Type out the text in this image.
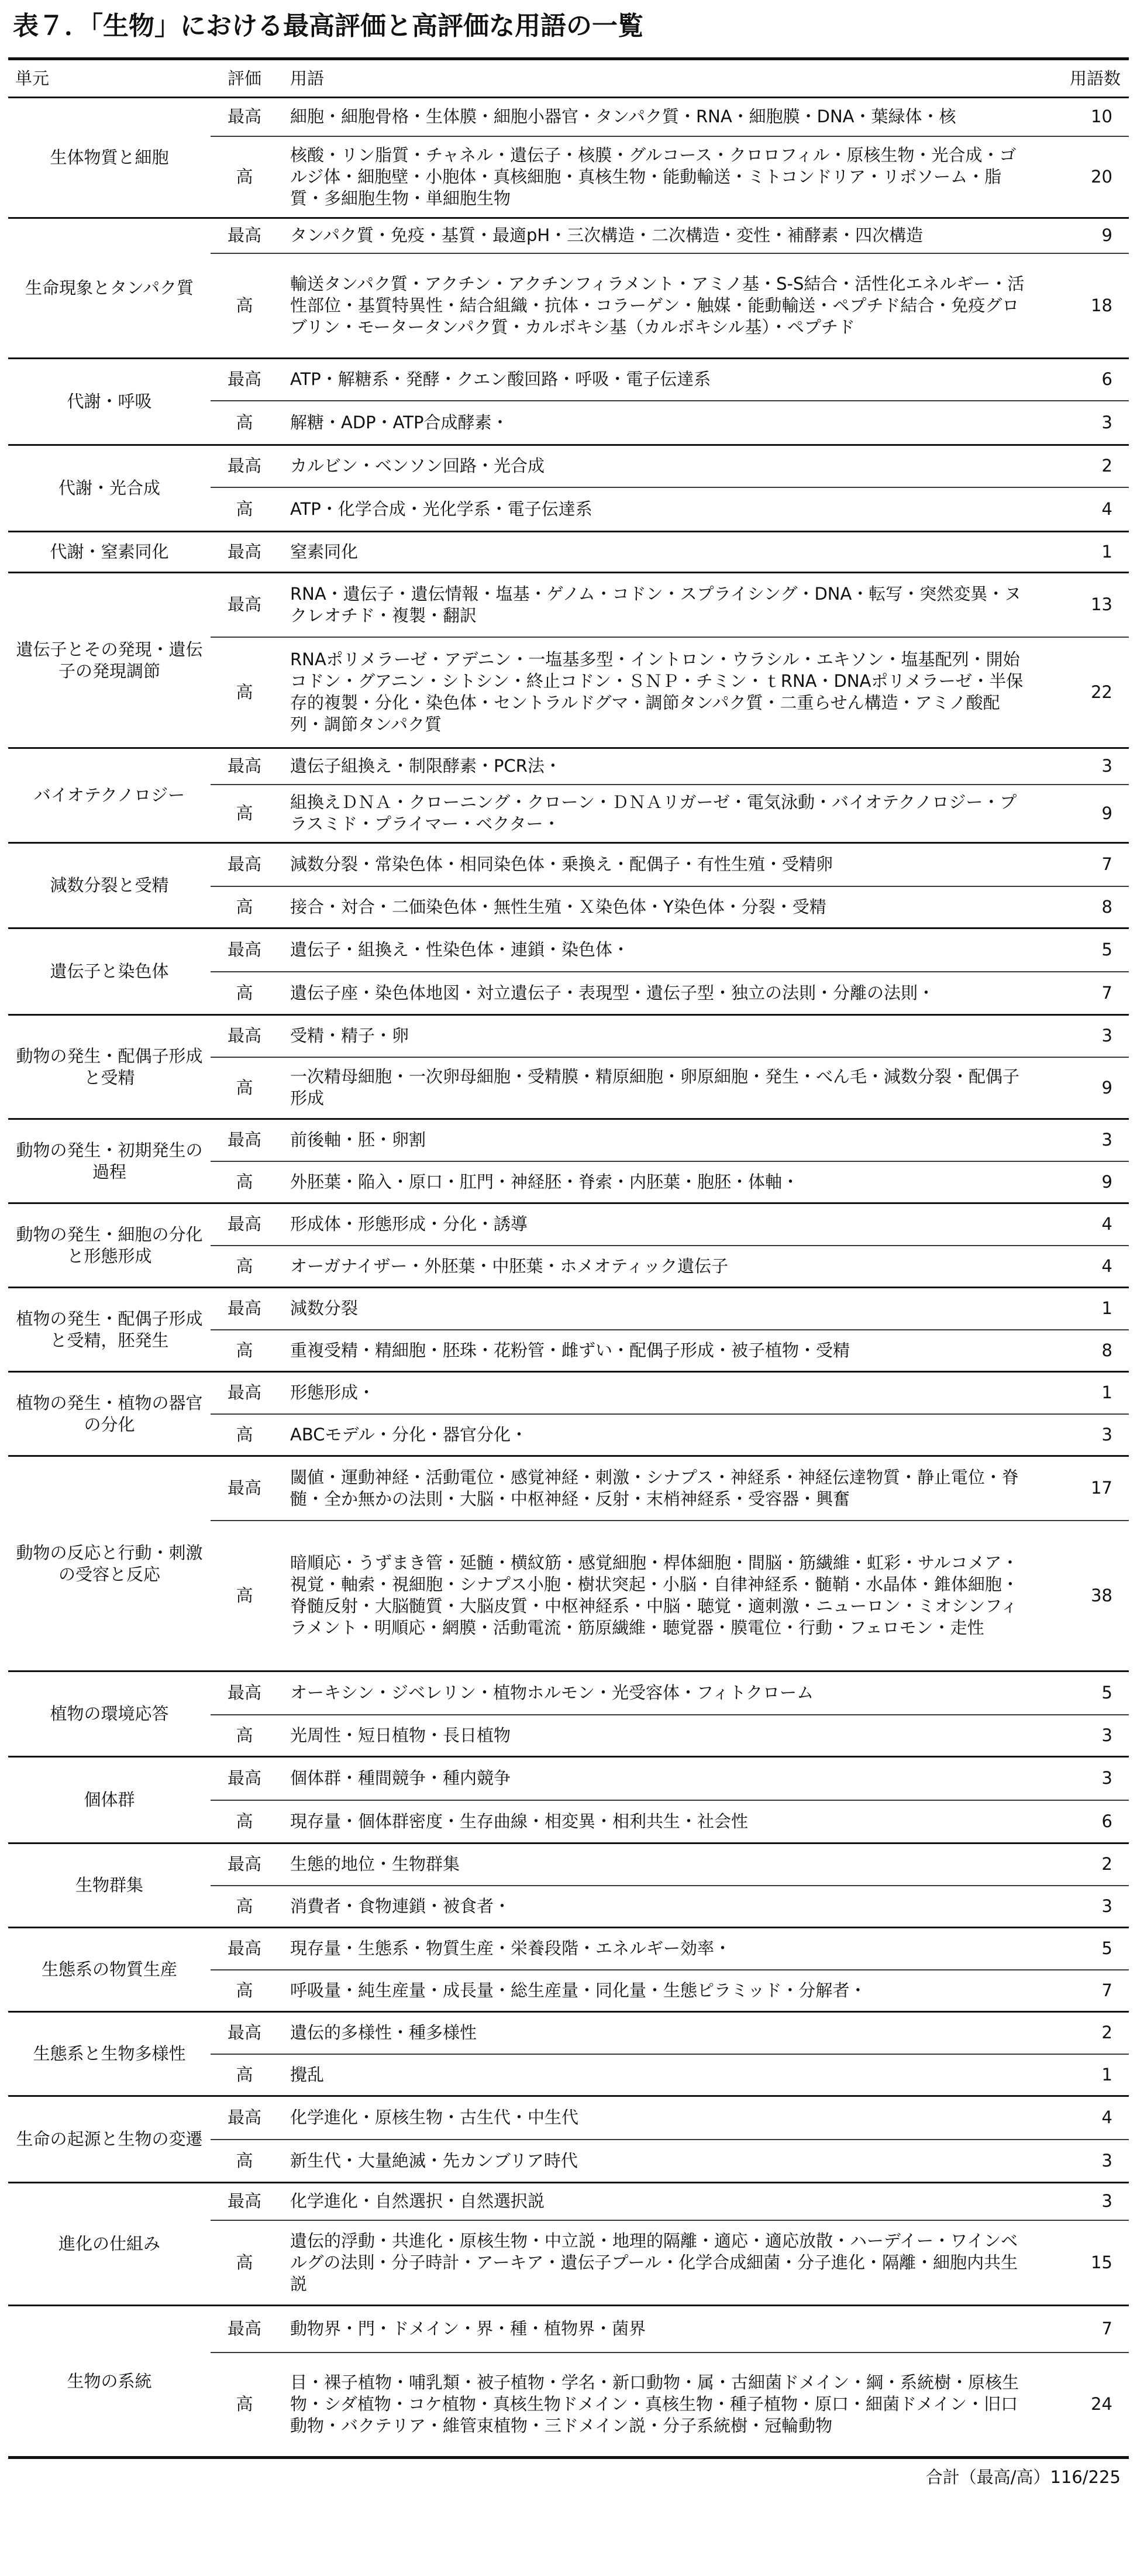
表７．「生物」における最高評価と高評価な用語の一覧
単元	評価	用語	用語数
生体物質と細胞	最高	細胞・細胞骨格・生体膜・細胞小器官・タンパク質・RNA・細胞膜・DNA・葉緑体・核	10
	高	核酸・リン脂質・チャネル・遺伝子・核膜・グルコース・クロロフィル・原核生物・光合成・ゴルジ体・細胞壁・小胞体・真核細胞・真核生物・能動輸送・ミトコンドリア・リボソーム・脂質・多細胞生物・単細胞生物	20
生命現象とタンパク質	最高	タンパク質・免疫・基質・最適pH・三次構造・二次構造・変性・補酵素・四次構造	9
	高	輸送タンパク質・アクチン・アクチンフィラメント・アミノ基・S-S結合・活性化エネルギー・活性部位・基質特異性・結合組織・抗体・コラーゲン・触媒・能動輸送・ペプチド結合・免疫グロブリン・モータータンパク質・カルボキシ基（カルボキシル基）・ペプチド	18
代謝・呼吸	最高	ATP・解糖系・発酵・クエン酸回路・呼吸・電子伝達系	6
	高	解糖・ADP・ATP合成酵素・	3
代謝・光合成	最高	カルビン・ベンソン回路・光合成	2
	高	ATP・化学合成・光化学系・電子伝達系	4
代謝・窒素同化	最高	窒素同化	1
遺伝子とその発現・遺伝子の発現調節	最高	RNA・遺伝子・遺伝情報・塩基・ゲノム・コドン・スプライシング・DNA・転写・突然変異・ヌクレオチド・複製・翻訳	13
	高	RNAポリメラーゼ・アデニン・一塩基多型・イントロン・ウラシル・エキソン・塩基配列・開始コドン・グアニン・シトシン・終止コドン・ＳＮＰ・チミン・ｔRNA・DNAポリメラーゼ・半保存的複製・分化・染色体・セントラルドグマ・調節タンパク質・二重らせん構造・アミノ酸配列・調節タンパク質	22
バイオテクノロジー	最高	遺伝子組換え・制限酵素・PCR法・	3
	高	組換えＤＮＡ・クローニング・クローン・ＤＮＡリガーゼ・電気泳動・バイオテクノロジー・プラスミド・プライマー・ベクター・	9
減数分裂と受精	最高	減数分裂・常染色体・相同染色体・乗換え・配偶子・有性生殖・受精卵	7
	高	接合・対合・二価染色体・無性生殖・Ｘ染色体・Y染色体・分裂・受精	8
遺伝子と染色体	最高	遺伝子・組換え・性染色体・連鎖・染色体・	5
	高	遺伝子座・染色体地図・対立遺伝子・表現型・遺伝子型・独立の法則・分離の法則・	7
動物の発生・配偶子形成と受精	最高	受精・精子・卵	3
	高	一次精母細胞・一次卵母細胞・受精膜・精原細胞・卵原細胞・発生・べん毛・減数分裂・配偶子形成	9
動物の発生・初期発生の過程	最高	前後軸・胚・卵割	3
	高	外胚葉・陥入・原口・肛門・神経胚・脊索・内胚葉・胞胚・体軸・	9
動物の発生・細胞の分化と形態形成	最高	形成体・形態形成・分化・誘導	4
	高	オーガナイザー・外胚葉・中胚葉・ホメオティック遺伝子	4
植物の発生・配偶子形成と受精，胚発生	最高	減数分裂	1
	高	重複受精・精細胞・胚珠・花粉管・雌ずい・配偶子形成・被子植物・受精	8
植物の発生・植物の器官の分化	最高	形態形成・	1
	高	ABCモデル・分化・器官分化・	3
動物の反応と行動・刺激の受容と反応	最高	閾値・運動神経・活動電位・感覚神経・刺激・シナプス・神経系・神経伝達物質・静止電位・脊髄・全か無かの法則・大脳・中枢神経・反射・末梢神経系・受容器・興奮	17
	高	暗順応・うずまき管・延髄・横紋筋・感覚細胞・桿体細胞・間脳・筋繊維・虹彩・サルコメア・視覚・軸索・視細胞・シナプス小胞・樹状突起・小脳・自律神経系・髄鞘・水晶体・錐体細胞・脊髄反射・大脳髄質・大脳皮質・中枢神経系・中脳・聴覚・適刺激・ニューロン・ミオシンフィラメント・明順応・網膜・活動電流・筋原繊維・聴覚器・膜電位・行動・フェロモン・走性	38
植物の環境応答	最高	オーキシン・ジベレリン・植物ホルモン・光受容体・フィトクローム	5
	高	光周性・短日植物・長日植物	3
個体群	最高	個体群・種間競争・種内競争	3
	高	現存量・個体群密度・生存曲線・相変異・相利共生・社会性	6
生物群集	最高	生態的地位・生物群集	2
	高	消費者・食物連鎖・被食者・	3
生態系の物質生産	最高	現存量・生態系・物質生産・栄養段階・エネルギー効率・	5
	高	呼吸量・純生産量・成長量・総生産量・同化量・生態ピラミッド・分解者・	7
生態系と生物多様性	最高	遺伝的多様性・種多様性	2
	高	攪乱	1
生命の起源と生物の変遷	最高	化学進化・原核生物・古生代・中生代	4
	高	新生代・大量絶滅・先カンブリア時代	3
進化の仕組み	最高	化学進化・自然選択・自然選択説	3
	高	遺伝的浮動・共進化・原核生物・中立説・地理的隔離・適応・適応放散・ハーデイー・ワインベルグの法則・分子時計・アーキア・遺伝子プール・化学合成細菌・分子進化・隔離・細胞内共生説	15
生物の系統	最高	動物界・門・ドメイン・界・種・植物界・菌界	7
	高	目・裸子植物・哺乳類・被子植物・学名・新口動物・属・古細菌ドメイン・綱・系統樹・原核生物・シダ植物・コケ植物・真核生物ドメイン・真核生物・種子植物・原口・細菌ドメイン・旧口動物・バクテリア・維管束植物・三ドメイン説・分子系統樹・冠輪動物	24
合計（最高/高）116/225			
